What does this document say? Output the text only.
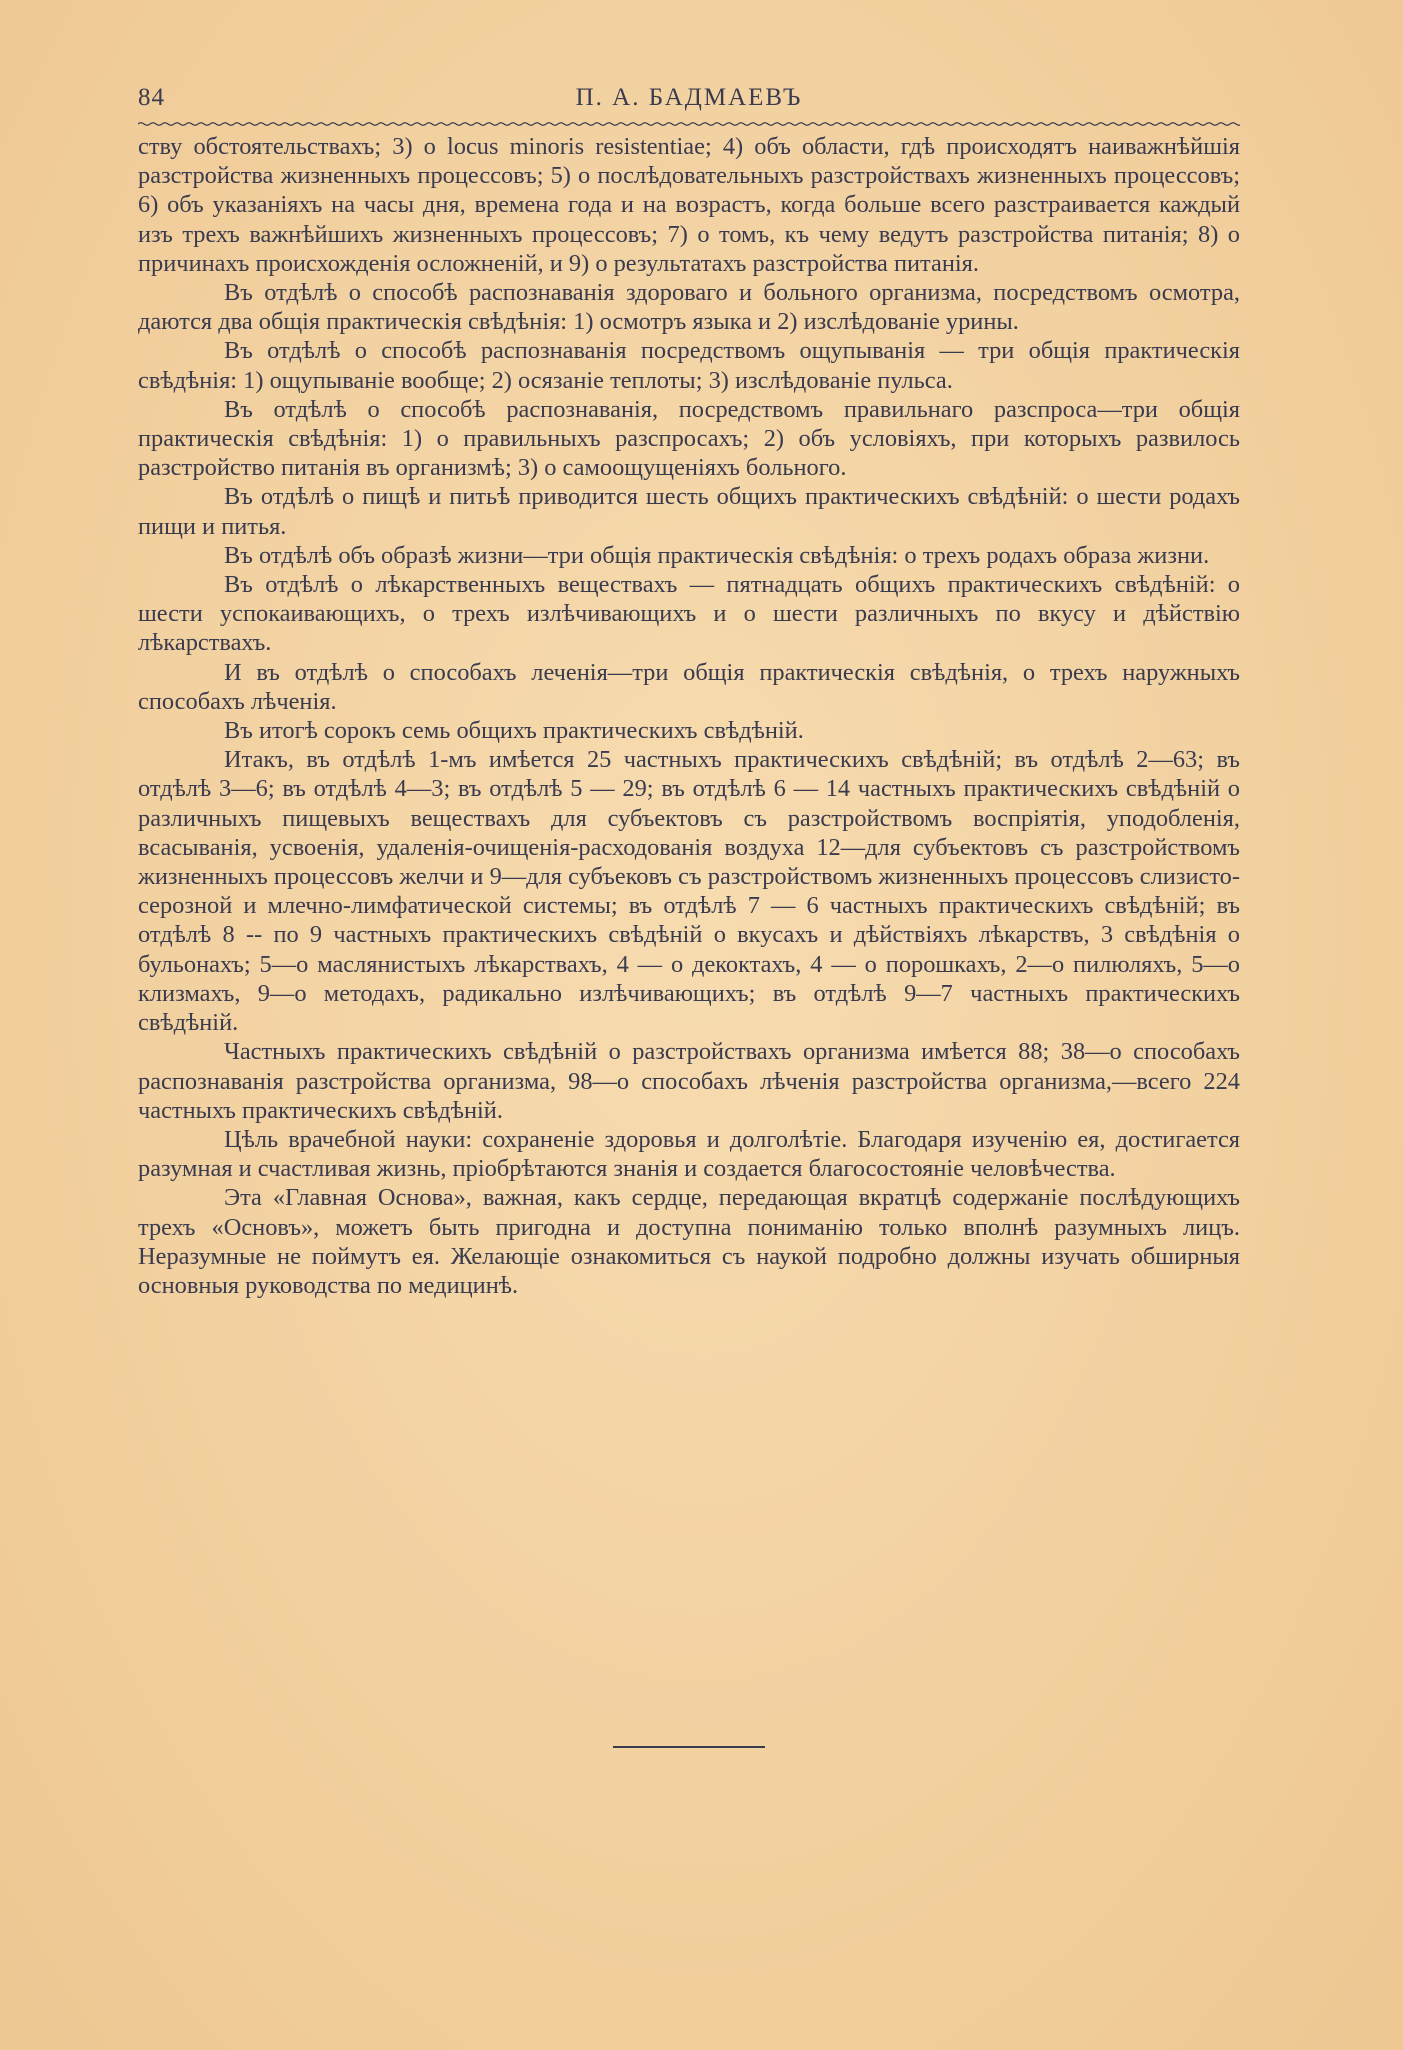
84	П. А. БАДМАЕВЪ

ству обстоятельствахъ; 3) о locus minoris resistentiae; 4) объ области, гдѣ происходятъ наиважнѣйшія разстройства жизненныхъ процессовъ; 5) о послѣдовательныхъ разстройствахъ жизненныхъ процессовъ; 6) объ указаніяхъ на часы дня, времена года и на возрастъ, когда больше всего разстраивается каждый изъ трехъ важнѣйшихъ жизненныхъ процессовъ; 7) о томъ, къ чему ведутъ разстройства питанія; 8) о причинахъ происхожденія осложненій, и 9) о результатахъ разстройства питанія.

Въ отдѣлѣ о способѣ распознаванія здороваго и больного организма, посредствомъ осмотра, даются два общія практическія свѣдѣнія: 1) осмотръ языка и 2) изслѣдованіе урины.

Въ отдѣлѣ о способѣ распознаванія посредствомъ ощупыванія — три общія практическія свѣдѣнія: 1) ощупываніе вообще; 2) осязаніе теплоты; 3) изслѣдованіе пульса.

Въ отдѣлѣ о способѣ распознаванія, посредствомъ правильнаго разспроса—три общія практическія свѣдѣнія: 1) о правильныхъ разспросахъ; 2) объ условіяхъ, при которыхъ развилось разстройство питанія въ организмѣ; 3) о самоощущеніяхъ больного.

Въ отдѣлѣ о пищѣ и питьѣ приводится шесть общихъ практическихъ свѣдѣній: о шести родахъ пищи и питья.

Въ отдѣлѣ объ образѣ жизни—три общія практическія свѣдѣнія: о трехъ родахъ образа жизни.

Въ отдѣлѣ о лѣкарственныхъ веществахъ — пятнадцать общихъ практическихъ свѣдѣній: о шести успокаивающихъ, о трехъ излѣчивающихъ и о шести различныхъ по вкусу и дѣйствію лѣкарствахъ.

И въ отдѣлѣ о способахъ леченія—три общія практическія свѣдѣнія, о трехъ наружныхъ способахъ лѣченія.

Въ итогѣ сорокъ семь общихъ практическихъ свѣдѣній.

Итакъ, въ отдѣлѣ 1-мъ имѣется 25 частныхъ практическихъ свѣдѣній; въ отдѣлѣ 2—63; въ отдѣлѣ 3—6; въ отдѣлѣ 4—3; въ отдѣлѣ 5 — 29; въ отдѣлѣ 6 — 14 частныхъ практическихъ свѣдѣній о различныхъ пищевыхъ веществахъ для субъектовъ съ разстройствомъ воспріятія, уподобленія, всасыванія, усвоенія, удаленія-очищенія-расходованія воздуха 12—для субъектовъ съ разстройствомъ жизненныхъ процессовъ желчи и 9—для субъековъ съ разстройствомъ жизненныхъ процессовъ слизисто-серозной и млечно-лимфатической системы; въ отдѣлѣ 7 — 6 частныхъ практическихъ свѣдѣній; въ отдѣлѣ 8 -- по 9 частныхъ практическихъ свѣдѣній о вкусахъ и дѣйствіяхъ лѣкарствъ, 3 свѣдѣнія о бульонахъ; 5—о маслянистыхъ лѣкарствахъ, 4 — о декоктахъ, 4 — о порошкахъ, 2—о пилюляхъ, 5—о клизмахъ, 9—о методахъ, радикально излѣчивающихъ; въ отдѣлѣ 9—7 частныхъ практическихъ свѣдѣній.

Частныхъ практическихъ свѣдѣній о разстройствахъ организма имѣется 88; 38—о способахъ распознаванія разстройства организма, 98—о способахъ лѣченія разстройства организма,—всего 224 частныхъ практическихъ свѣдѣній.

Цѣль врачебной науки: сохраненіе здоровья и долголѣтіе. Благодаря изученію ея, достигается разумная и счастливая жизнь, пріобрѣтаются знанія и создается благосостояніе человѣчества.

Эта «Главная Основа», важная, какъ сердце, передающая вкратцѣ содержаніе послѣдующихъ трехъ «Основъ», можетъ быть пригодна и доступна пониманію только вполнѣ разумныхъ лицъ. Неразумные не поймутъ ея. Желающіе ознакомиться съ наукой подробно должны изучать обширныя основныя руководства по медицинѣ.
